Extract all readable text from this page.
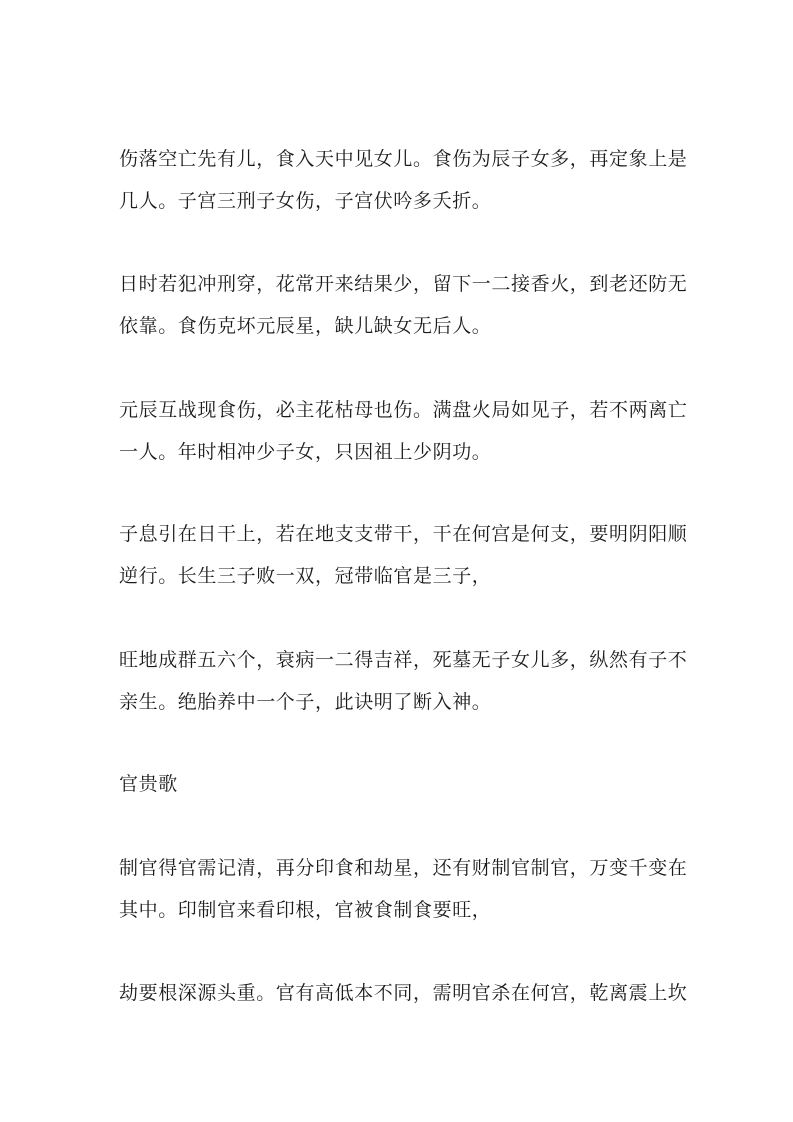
伤落空亡先有儿，食入天中见女儿。食伤为辰子女多，再定象上是
几人。子宫三刑子女伤，子宫伏吟多夭折。
日时若犯冲刑穿，花常开来结果少，留下一二接香火，到老还防无
依靠。食伤克坏元辰星，缺儿缺女无后人。
元辰互战现食伤，必主花枯母也伤。满盘火局如见子，若不两离亡
一人。年时相冲少子女，只因祖上少阴功。
子息引在日干上，若在地支支带干，干在何宫是何支，要明阴阳顺
逆行。长生三子败一双，冠带临官是三子，
旺地成群五六个，衰病一二得吉祥，死墓无子女儿多，纵然有子不
亲生。绝胎养中一个子，此诀明了断入神。
官贵歌
制官得官需记清，再分印食和劫星，还有财制官制官，万变千变在
其中。印制官来看印根，官被食制食要旺，
劫要根深源头重。官有高低本不同，需明官杀在何宫，乾离震上坎
